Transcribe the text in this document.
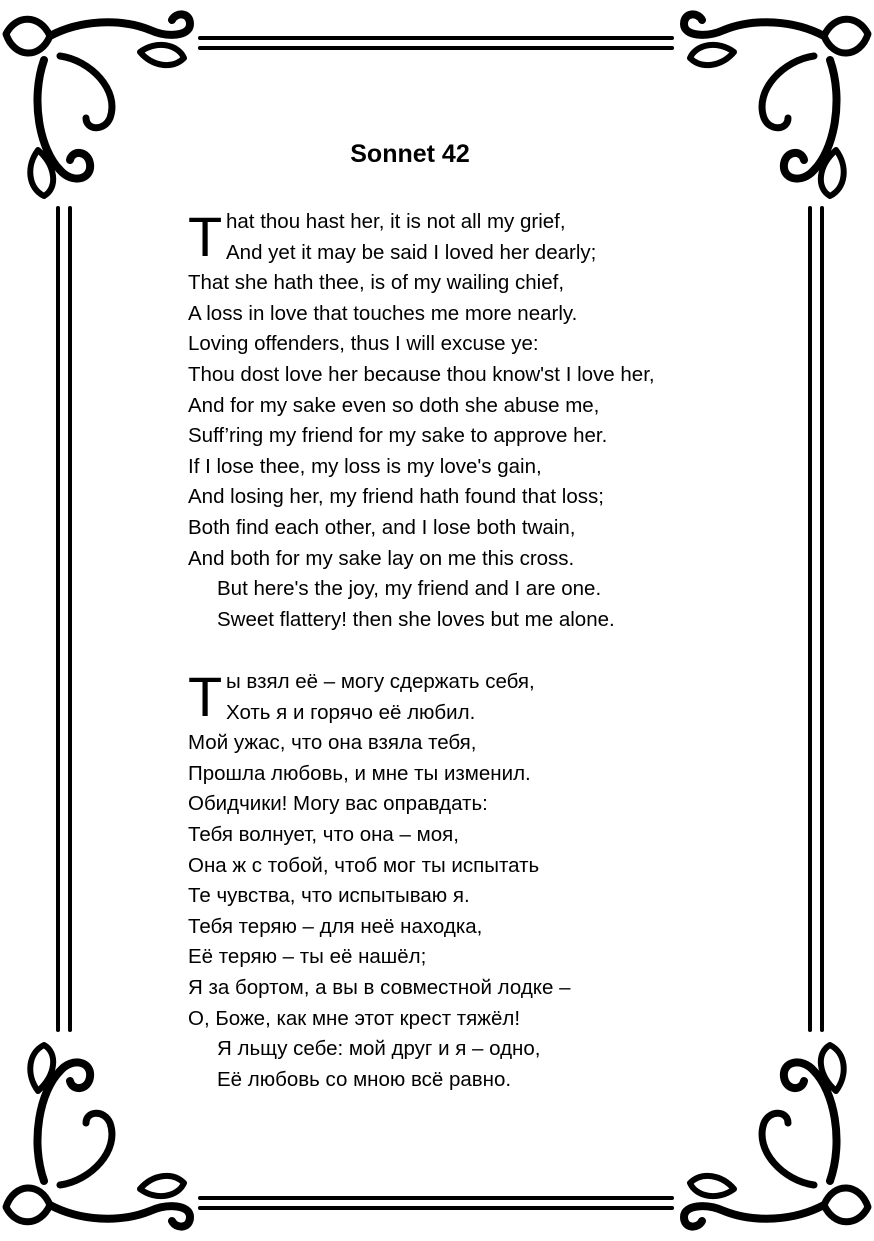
Sonnet 42
T hat thou hast her, it is not all my grief,
And yet it may be said I loved her dearly;
That she hath thee, is of my wailing chief,
A loss in love that touches me more nearly.
Loving offenders, thus I will excuse ye:
Thou dost love her because thou know'st I love her,
And for my sake even so doth she abuse me,
Suff’ring my friend for my sake to approve her.
If I lose thee, my loss is my love's gain,
And losing her, my friend hath found that loss;
Both find each other, and I lose both twain,
And both for my sake lay on me this cross.
But here's the joy, my friend and I are one.
Sweet flattery! then she loves but me alone.
Т ы взял её – могу сдержать себя,
Хоть я и горячо её любил.
Мой ужас, что она взяла тебя,
Прошла любовь, и мне ты изменил.
Обидчики! Могу вас оправдать:
Тебя волнует, что она – моя,
Она ж с тобой, чтоб мог ты испытать
Те чувства, что испытываю я.
Тебя теряю – для неё находка,
Её теряю – ты её нашёл;
Я за бортом, а вы в совместной лодке –
О, Боже, как мне этот крест тяжёл!
Я льщу себе: мой друг и я – одно,
Её любовь со мною всё равно.
